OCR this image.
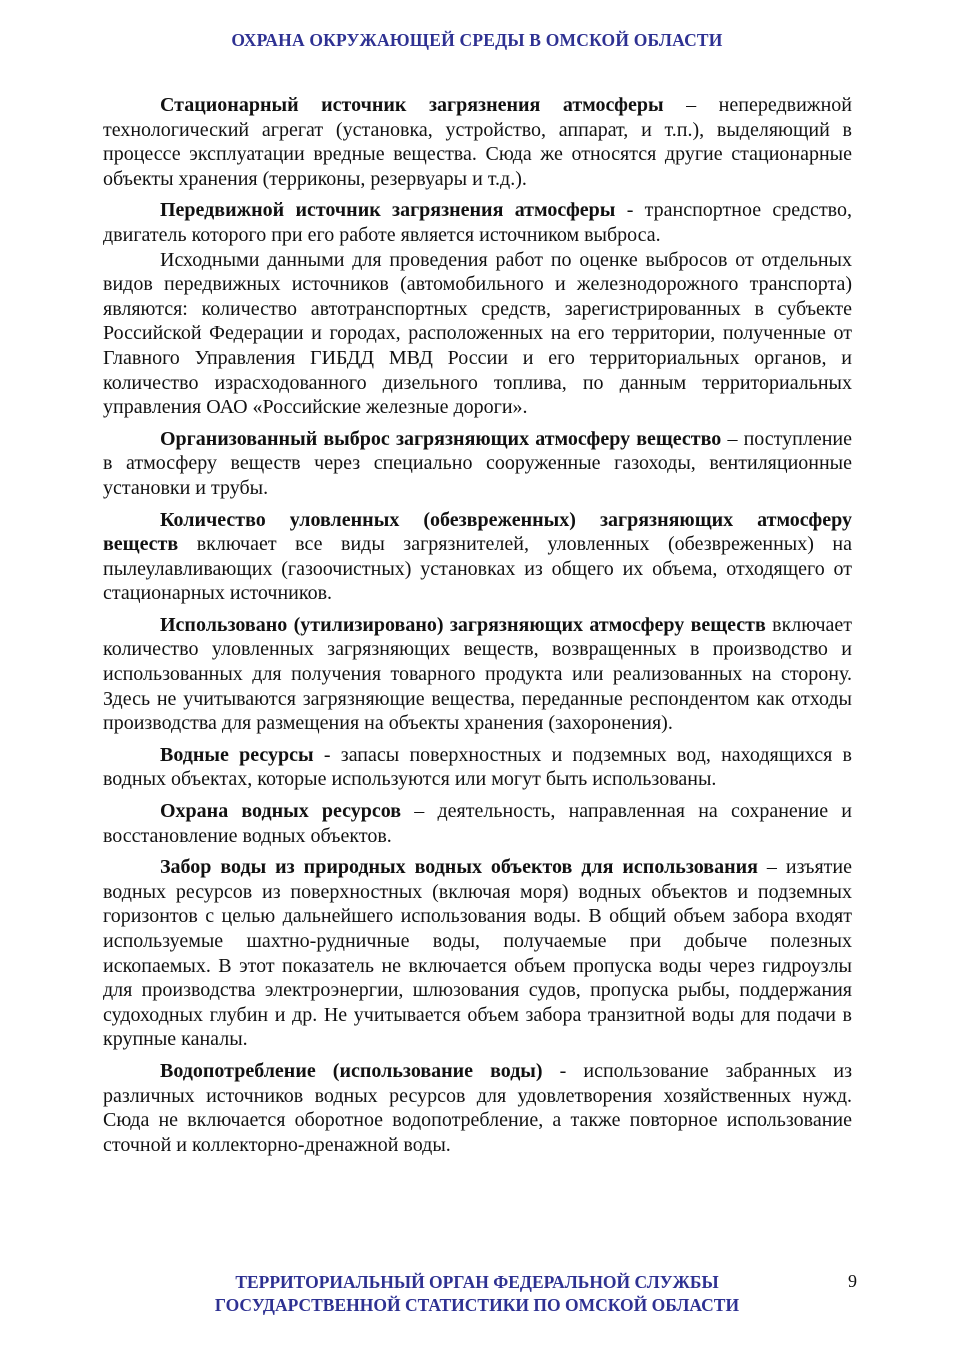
ОХРАНА ОКРУЖАЮЩЕЙ СРЕДЫ В ОМСКОЙ ОБЛАСТИ

Стационарный источник загрязнения атмосферы – непередвижной технологический агрегат (установка, устройство, аппарат, и т.п.), выделяющий в процессе эксплуатации вредные вещества. Сюда же относятся другие стационарные объекты хранения (терриконы, резервуары и т.д.).

Передвижной источник загрязнения атмосферы - транспортное средство, двигатель которого при его работе является источником выброса.

Исходными данными для проведения работ по оценке выбросов от отдельных видов передвижных источников (автомобильного и железнодорожного транспорта) являются: количество автотранспортных средств, зарегистрированных в субъекте Российской Федерации и городах, расположенных на его территории, полученные от Главного Управления ГИБДД МВД России и его территориальных органов, и количество израсходованного дизельного топлива, по данным территориальных управления ОАО «Российские железные дороги».

Организованный выброс загрязняющих атмосферу вещество – поступление в атмосферу веществ через специально сооруженные газоходы, вентиляционные установки и трубы.

Количество уловленных (обезвреженных) загрязняющих атмосферу веществ включает все виды загрязнителей, уловленных (обезвреженных) на пылеулавливающих (газоочистных) установках из общего их объема, отходящего от стационарных источников.

Использовано (утилизировано) загрязняющих атмосферу веществ включает количество уловленных загрязняющих веществ, возвращенных в производство и использованных для получения товарного продукта или реализованных на сторону. Здесь не учитываются загрязняющие вещества, переданные респондентом как отходы производства для размещения на объекты хранения (захоронения).

Водные ресурсы - запасы поверхностных и подземных вод, находящихся в водных объектах, которые используются или могут быть использованы.

Охрана водных ресурсов – деятельность, направленная на сохранение и восстановление водных объектов.

Забор воды из природных водных объектов для использования – изъятие водных ресурсов из поверхностных (включая моря) водных объектов и подземных горизонтов с целью дальнейшего использования воды. В общий объем забора входят используемые шахтно-рудничные воды, получаемые при добыче полезных ископаемых. В этот показатель не включается объем пропуска воды через гидроузлы для производства электроэнергии, шлюзования судов, пропуска рыбы, поддержания судоходных глубин и др. Не учитывается объем забора транзитной воды для подачи в крупные каналы.

Водопотребление (использование воды) - использование забранных из различных источников водных ресурсов для удовлетворения хозяйственных нужд. Сюда не включается оборотное водопотребление, а также повторное использование сточной и коллекторно-дренажной воды.

ТЕРРИТОРИАЛЬНЫЙ ОРГАН ФЕДЕРАЛЬНОЙ СЛУЖБЫ
ГОСУДАРСТВЕННОЙ СТАТИСТИКИ ПО ОМСКОЙ ОБЛАСТИ
9
